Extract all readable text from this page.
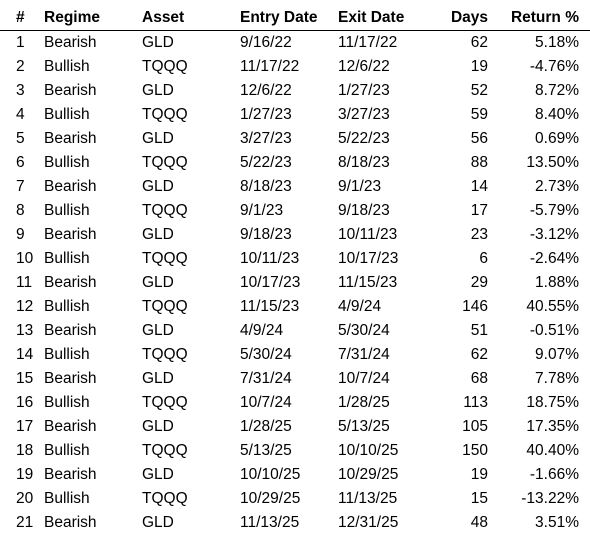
#	Regime	Asset	Entry Date	Exit Date	Days	Return %
1	Bearish	GLD	9/16/22	11/17/22	62	5.18%
2	Bullish	TQQQ	11/17/22	12/6/22	19	-4.76%
3	Bearish	GLD	12/6/22	1/27/23	52	8.72%
4	Bullish	TQQQ	1/27/23	3/27/23	59	8.40%
5	Bearish	GLD	3/27/23	5/22/23	56	0.69%
6	Bullish	TQQQ	5/22/23	8/18/23	88	13.50%
7	Bearish	GLD	8/18/23	9/1/23	14	2.73%
8	Bullish	TQQQ	9/1/23	9/18/23	17	-5.79%
9	Bearish	GLD	9/18/23	10/11/23	23	-3.12%
10	Bullish	TQQQ	10/11/23	10/17/23	6	-2.64%
11	Bearish	GLD	10/17/23	11/15/23	29	1.88%
12	Bullish	TQQQ	11/15/23	4/9/24	146	40.55%
13	Bearish	GLD	4/9/24	5/30/24	51	-0.51%
14	Bullish	TQQQ	5/30/24	7/31/24	62	9.07%
15	Bearish	GLD	7/31/24	10/7/24	68	7.78%
16	Bullish	TQQQ	10/7/24	1/28/25	113	18.75%
17	Bearish	GLD	1/28/25	5/13/25	105	17.35%
18	Bullish	TQQQ	5/13/25	10/10/25	150	40.40%
19	Bearish	GLD	10/10/25	10/29/25	19	-1.66%
20	Bullish	TQQQ	10/29/25	11/13/25	15	-13.22%
21	Bearish	GLD	11/13/25	12/31/25	48	3.51%
